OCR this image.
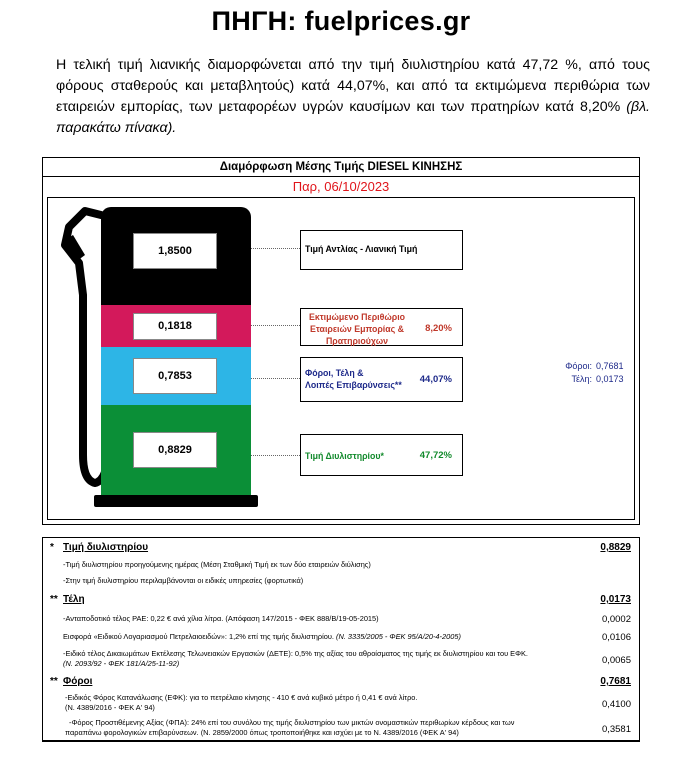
ΠΗΓΗ: fuelprices.gr
Η τελική τιμή λιανικής διαμορφώνεται από την τιμή διυλιστηρίου κατά 47,72 %, από τους φόρους σταθερούς και μεταβλητούς) κατά 44,07%, και από τα εκτιμώμενα περιθώρια των εταιρειών εμπορίας, των μεταφορέων υγρών καυσίμων και των πρατηρίων κατά 8,20% (βλ. παρακάτω πίνακα).
Διαμόρφωση Μέσης Τιμής DIESEL ΚΙΝΗΣΗΣ
Παρ, 06/10/2023
1,8500
0,1818
0,7853
0,8829
Τιμή Αντλίας - Λιανική Τιμή
Εκτιμώμενο Περιθώριο
Εταιρειών Εμπορίας &
Πρατηριούχων
8,20%
Φόροι, Τέλη &
Λοιπές Επιβαρύνσεις** 44,07%
Τιμή Διυλιστηρίου*	47,72%
Φόροι: 0,7681
Τέλη: 0,0173
* Τιμή διυλιστηρίου	0,8829
-Τιμή διυλιστηρίου προηγούμενης ημέρας (Μέση Σταθμική Τιμή εκ των δύο εταιρειών διύλισης)
-Στην τιμή διυλιστηρίου περιλαμβάνονται οι ειδικές υπηρεσίες (φορτωτικά)
** Τέλη	0,0173
-Ανταποδοτικό τέλος ΡΑΕ: 0,22 € ανά χίλια λίτρα. (Απόφαση 147/2015 - ΦΕΚ 888/Β/19-05-2015)	0,0002
Εισφορά «Ειδικού Λογαριασμού Πετρελαιοειδών»: 1,2% επί της τιμής διυλιστηρίου. (Ν. 3335/2005 - ΦΕΚ 95/Α/20-4-2005)	0,0106
-Ειδικό τέλος Δικαιωμάτων Εκτέλεσης Τελωνειακών Εργασιών (ΔΕΤΕ): 0,5% της αξίας του αθροίσματος της τιμής εκ διυλιστηρίου και του ΕΦΚ.
(Ν. 2093/92 - ΦΕΚ 181/Α/25-11-92)	0,0065
** Φόροι	0,7681
-Ειδικός Φόρος Κατανάλωσης (ΕΦΚ): για το πετρέλαιο κίνησης - 410 € ανά κυβικό μέτρο ή 0,41 € ανά λίτρο.
(Ν. 4389/2016 - ΦΕΚ Α' 94)	0,4100
-Φόρος Προστιθέμενης Αξίας (ΦΠΑ): 24% επί του συνόλου της τιμής διυλιστηρίου των μικτών ονομαστικών περιθωρίων κέρδους και των
παραπάνω φορολογικών επιβαρύνσεων. (Ν. 2859/2000 όπως τροποποιήθηκε και ισχύει με το Ν. 4389/2016 (ΦΕΚ Α' 94)	0,3581
